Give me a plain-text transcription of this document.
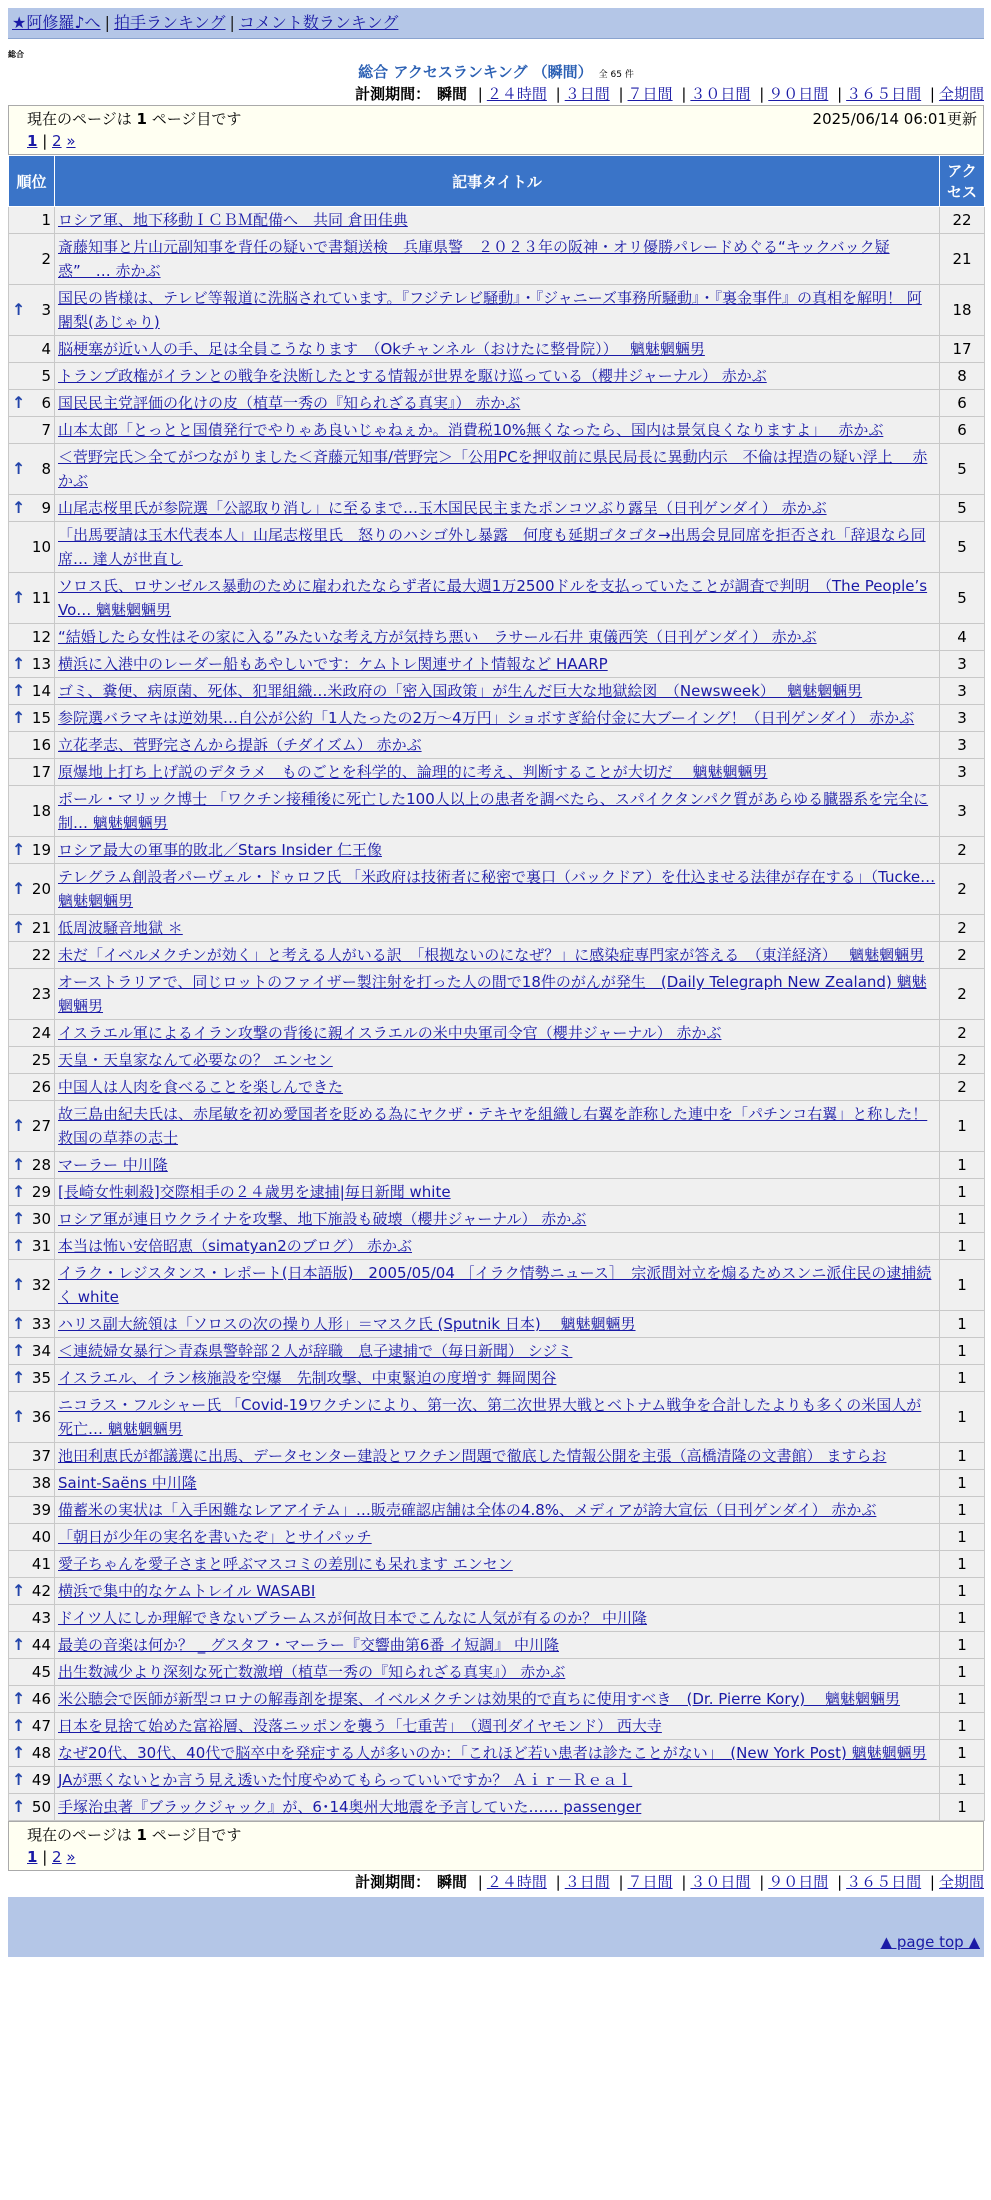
★阿修羅♪へ | 拍手ランキング | コメント数ランキング
総合
総合 アクセスランキング （瞬間） 全 65 件
計測期間： 瞬間 | ２４時間 | ３日間 | ７日間 | ３０日間 | ９０日間 | ３６５日間 | 全期間
現在のページは 1 ページ目です	2025/06/14 06:01更新
1 | 2 »
順位	記事タイトル	アクセス
1	ロシア軍、地下移動ＩＣＢＭ配備へ　共同 倉田佳典	22
2	斎藤知事と片山元副知事を背任の疑いで書類送検　兵庫県警　２０２３年の阪神・オリ優勝パレードめぐる“キックバック疑惑”　… 赤かぶ	21

↑ 3	国民の皆様は、テレビ等報道に洗脳されています。『フジテレビ騒動』・『ジャニーズ事務所騒動』・『裏金事件』の真相を解明！ 阿闍梨(あじゃり)	18
4	脳梗塞が近い人の手、足は全員こうなります　（Okチャンネル（おけたに整骨院））　 魑魅魍魎男	17
5	トランプ政権がイランとの戦争を決断したとする情報が世界を駆け巡っている（櫻井ジャーナル） 赤かぶ	8

↑ 6	国民民主党評価の化けの皮（植草一秀の『知られざる真実』） 赤かぶ	6
7	山本太郎「とっとと国債発行でやりゃあ良いじゃねぇか。消費税10%無くなったら、国内は景気良くなりますよ」　 赤かぶ	6

↑ 8	＜菅野完氏＞全てがつながりました＜斉藤元知事/菅野完＞「公用PCを押収前に県民局長に異動内示　不倫は捏造の疑い浮上　 赤かぶ	5

↑ 9	山尾志桜里氏が参院選「公認取り消し」に至るまで…玉木国民民主またポンコツぶり露呈（日刊ゲンダイ） 赤かぶ	5
10	「出馬要請は玉木代表本人」山尾志桜里氏　怒りのハシゴ外し暴露　何度も延期ゴタゴタ→出馬会見同席を拒否され「辞退なら同席… 達人が世直し	5

↑ 11	ソロス氏、ロサンゼルス暴動のために雇われたならず者に最大週1万2500ドルを支払っていたことが調査で判明　（The People’s Vo… 魑魅魍魎男	5
12	“結婚したら女性はその家に入る”みたいな考え方が気持ち悪い　ラサール石井 東儀西笑（日刊ゲンダイ） 赤かぶ	4

↑ 13	横浜に入港中のレーダー船もあやしいです：ケムトレ関連サイト情報など HAARP	3

↑ 14	ゴミ、糞便、病原菌、死体、犯罪組織…米政府の「密入国政策」が生んだ巨大な地獄絵図　（Newsweek）　 魑魅魍魎男	3

↑ 15	参院選バラマキは逆効果…自公が公約「1人たったの2万〜4万円」ショボすぎ給付金に大ブーイング！（日刊ゲンダイ） 赤かぶ	3
16	立花孝志、菅野完さんから提訴（チダイズム） 赤かぶ	3
17	原爆地上打ち上げ説のデタラメ　ものごとを科学的、論理的に考え、判断することが大切だ　 魑魅魍魎男	3
18	ポール・マリック博士 「ワクチン接種後に死亡した100人以上の患者を調べたら、スパイクタンパク質があらゆる臓器系を完全に制… 魑魅魍魎男	3

↑ 19	ロシア最大の軍事的敗北／Stars Insider 仁王像	2

↑ 20	テレグラム創設者パーヴェル・ドゥロフ氏 「米政府は技術者に秘密で裏口（バックドア）を仕込ませる法律が存在する」（Tucke… 魑魅魍魎男	2

↑ 21	低周波騒音地獄 ＊	2
22	未だ「イベルメクチンが効く」と考える人がいる訳　「根拠ないのになぜ？」に感染症専門家が答える　（東洋経済）　 魑魅魍魎男	2
23	オーストラリアで、同じロットのファイザー製注射を打った人の間で18件のがんが発生　(Daily Telegraph New Zealand) 魑魅魍魎男	2
24	イスラエル軍によるイラン攻撃の背後に親イスラエルの米中央軍司令官（櫻井ジャーナル） 赤かぶ	2
25	天皇・天皇家なんて必要なの？ エンセン	2
26	中国人は人肉を食べることを楽しんできた	2

↑ 27	故三島由紀夫氏は、赤尾敏を初め愛国者を貶める為にヤクザ・テキヤを組織し右翼を詐称した連中を「パチンコ右翼」と称した！ 救国の草莽の志士	1

↑ 28	マーラー 中川隆	1

↑ 29	[長崎女性刺殺]交際相手の２４歳男を逮捕|毎日新聞 white	1

↑ 30	ロシア軍が連日ウクライナを攻撃、地下施設も破壊（櫻井ジャーナル） 赤かぶ	1

↑ 31	本当は怖い安倍昭恵（simatyan2のブログ） 赤かぶ	1

↑ 32	イラク・レジスタンス・レポート(日本語版)　2005/05/04 ［イラク情勢ニュース］　宗派間対立を煽るためスンニ派住民の逮捕続く white	1

↑ 33	ハリス副大統領は「ソロスの次の操り人形」＝マスク氏 (Sputnik 日本)　 魑魅魍魎男	1

↑ 34	＜連続婦女暴行＞青森県警幹部２人が辞職　息子逮捕で（毎日新聞） シジミ	1

↑ 35	イスラエル、イラン核施設を空爆　先制攻撃、中東緊迫の度増す 舞岡関谷	1

↑ 36	ニコラス・フルシャー氏 「Covid-19ワクチンにより、第一次、第二次世界大戦とベトナム戦争を合計したよりも多くの米国人が死亡… 魑魅魍魎男	1
37	池田利恵氏が都議選に出馬、データセンター建設とワクチン問題で徹底した情報公開を主張（高橋清隆の文書館） ますらお	1
38	Saint-Saëns 中川隆	1
39	備蓄米の実状は「入手困難なレアアイテム」…販売確認店舗は全体の4.8%、メディアが誇大宣伝（日刊ゲンダイ） 赤かぶ	1
40	「朝日が少年の実名を書いたぞ」とサイパッチ	1
41	愛子ちゃんを愛子さまと呼ぶマスコミの差別にも呆れます エンセン	1

↑ 42	横浜で集中的なケムトレイル WASABI	1
43	ドイツ人にしか理解できないブラームスが何故日本でこんなに人気が有るのか？ 中川隆	1

↑ 44	最美の音楽は何か？ _ グスタフ・マーラー『交響曲第6番 イ短調』 中川隆	1
45	出生数減少より深刻な死亡数激増（植草一秀の『知られざる真実』） 赤かぶ	1

↑ 46	米公聴会で医師が新型コロナの解毒剤を提案、イベルメクチンは効果的で直ちに使用すべき　(Dr. Pierre Kory)　 魑魅魍魎男	1

↑ 47	日本を見捨て始めた富裕層、没落ニッポンを襲う「七重苦」　（週刊ダイヤモンド） 西大寺	1

↑ 48	なぜ20代、30代、40代で脳卒中を発症する人が多いのか：「これほど若い患者は診たことがない」　(New York Post) 魑魅魍魎男	1

↑ 49	JAが悪くないとか言う見え透いた忖度やめてもらっていいですか？ Ａｉｒ－Ｒｅａｌ	1

↑ 50	手塚治虫著『ブラックジャック』が、6･14奥州大地震を予言していた…… passenger	1
現在のページは 1 ページ目です
1 | 2 »
計測期間： 瞬間 | ２４時間 | ３日間 | ７日間 | ３０日間 | ９０日間 | ３６５日間 | 全期間
▲ page top ▲
